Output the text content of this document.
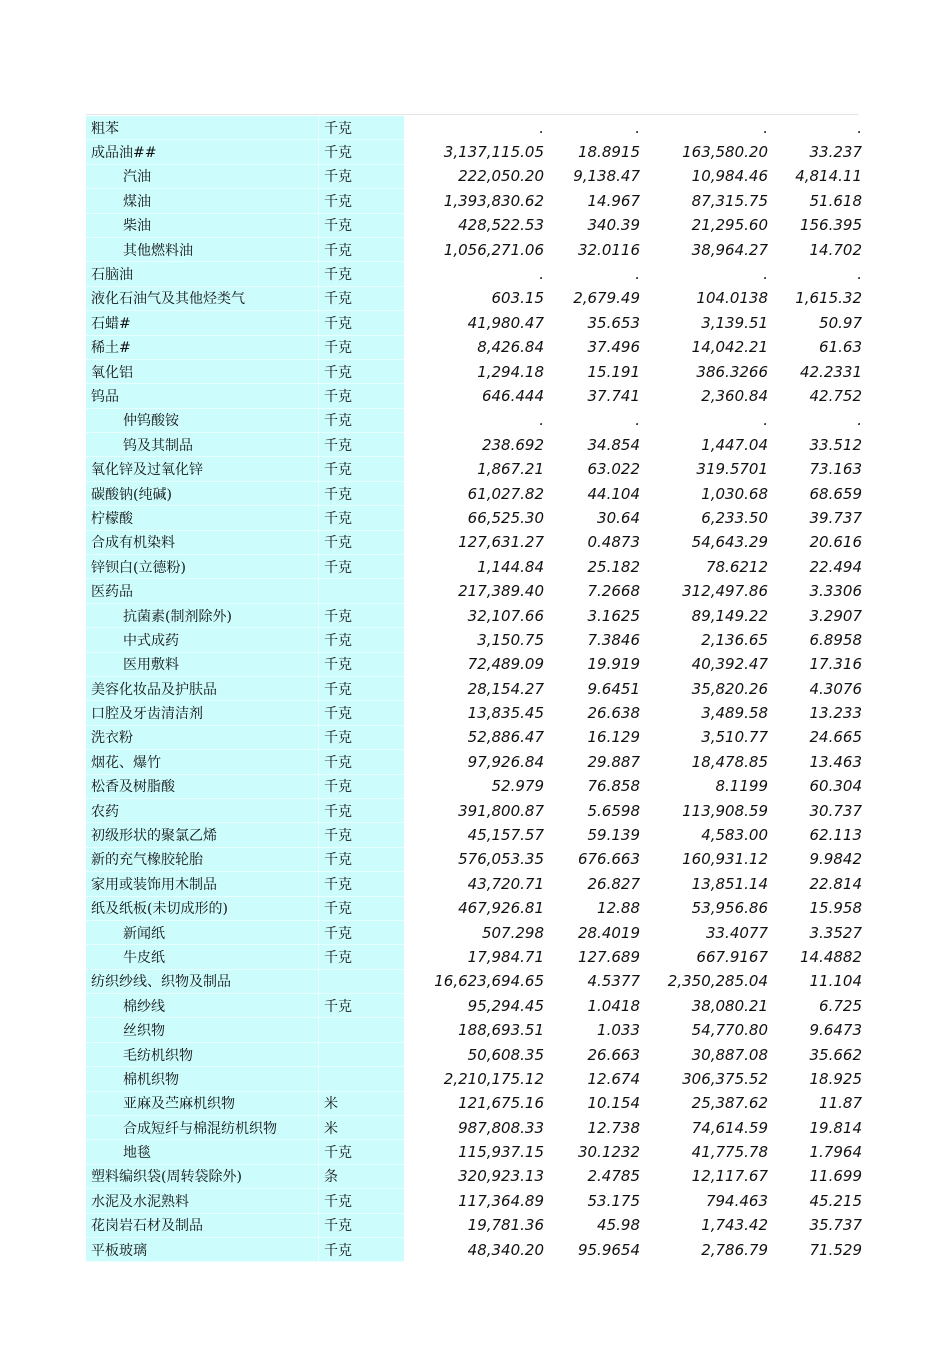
粗苯	千克	.	.	.	.
成品油##	千克	3,137,115.05	18.8915	163,580.20	33.237
汽油	千克	222,050.20	9,138.47	10,984.46	4,814.11
煤油	千克	1,393,830.62	14.967	87,315.75	51.618
柴油	千克	428,522.53	340.39	21,295.60	156.395
其他燃料油	千克	1,056,271.06	32.0116	38,964.27	14.702
石脑油	千克	.	.	.	.
液化石油气及其他烃类气	千克	603.15	2,679.49	104.0138	1,615.32
石蜡#	千克	41,980.47	35.653	3,139.51	50.97
稀土#	千克	8,426.84	37.496	14,042.21	61.63
氧化铝	千克	1,294.18	15.191	386.3266	42.2331
钨品	千克	646.444	37.741	2,360.84	42.752
仲钨酸铵	千克	.	.	.	.
钨及其制品	千克	238.692	34.854	1,447.04	33.512
氧化锌及过氧化锌	千克	1,867.21	63.022	319.5701	73.163
碳酸钠(纯碱)	千克	61,027.82	44.104	1,030.68	68.659
柠檬酸	千克	66,525.30	30.64	6,233.50	39.737
合成有机染料	千克	127,631.27	0.4873	54,643.29	20.616
锌钡白(立德粉)	千克	1,144.84	25.182	78.6212	22.494
医药品		217,389.40	7.2668	312,497.86	3.3306
抗菌素(制剂除外)	千克	32,107.66	3.1625	89,149.22	3.2907
中式成药	千克	3,150.75	7.3846	2,136.65	6.8958
医用敷料	千克	72,489.09	19.919	40,392.47	17.316
美容化妆品及护肤品	千克	28,154.27	9.6451	35,820.26	4.3076
口腔及牙齿清洁剂	千克	13,835.45	26.638	3,489.58	13.233
洗衣粉	千克	52,886.47	16.129	3,510.77	24.665
烟花、爆竹	千克	97,926.84	29.887	18,478.85	13.463
松香及树脂酸	千克	52.979	76.858	8.1199	60.304
农药	千克	391,800.87	5.6598	113,908.59	30.737
初级形状的聚氯乙烯	千克	45,157.57	59.139	4,583.00	62.113
新的充气橡胶轮胎	千克	576,053.35	676.663	160,931.12	9.9842
家用或装饰用木制品	千克	43,720.71	26.827	13,851.14	22.814
纸及纸板(未切成形的)	千克	467,926.81	12.88	53,956.86	15.958
新闻纸	千克	507.298	28.4019	33.4077	3.3527
牛皮纸	千克	17,984.71	127.689	667.9167	14.4882
纺织纱线、织物及制品		16,623,694.65	4.5377	2,350,285.04	11.104
棉纱线	千克	95,294.45	1.0418	38,080.21	6.725
丝织物		188,693.51	1.033	54,770.80	9.6473
毛纺机织物		50,608.35	26.663	30,887.08	35.662
棉机织物		2,210,175.12	12.674	306,375.52	18.925
亚麻及苎麻机织物	米	121,675.16	10.154	25,387.62	11.87
合成短纤与棉混纺机织物	米	987,808.33	12.738	74,614.59	19.814
地毯	千克	115,937.15	30.1232	41,775.78	1.7964
塑料编织袋(周转袋除外)	条	320,923.13	2.4785	12,117.67	11.699
水泥及水泥熟料	千克	117,364.89	53.175	794.463	45.215
花岗岩石材及制品	千克	19,781.36	45.98	1,743.42	35.737
平板玻璃	千克	48,340.20	95.9654	2,786.79	71.529
